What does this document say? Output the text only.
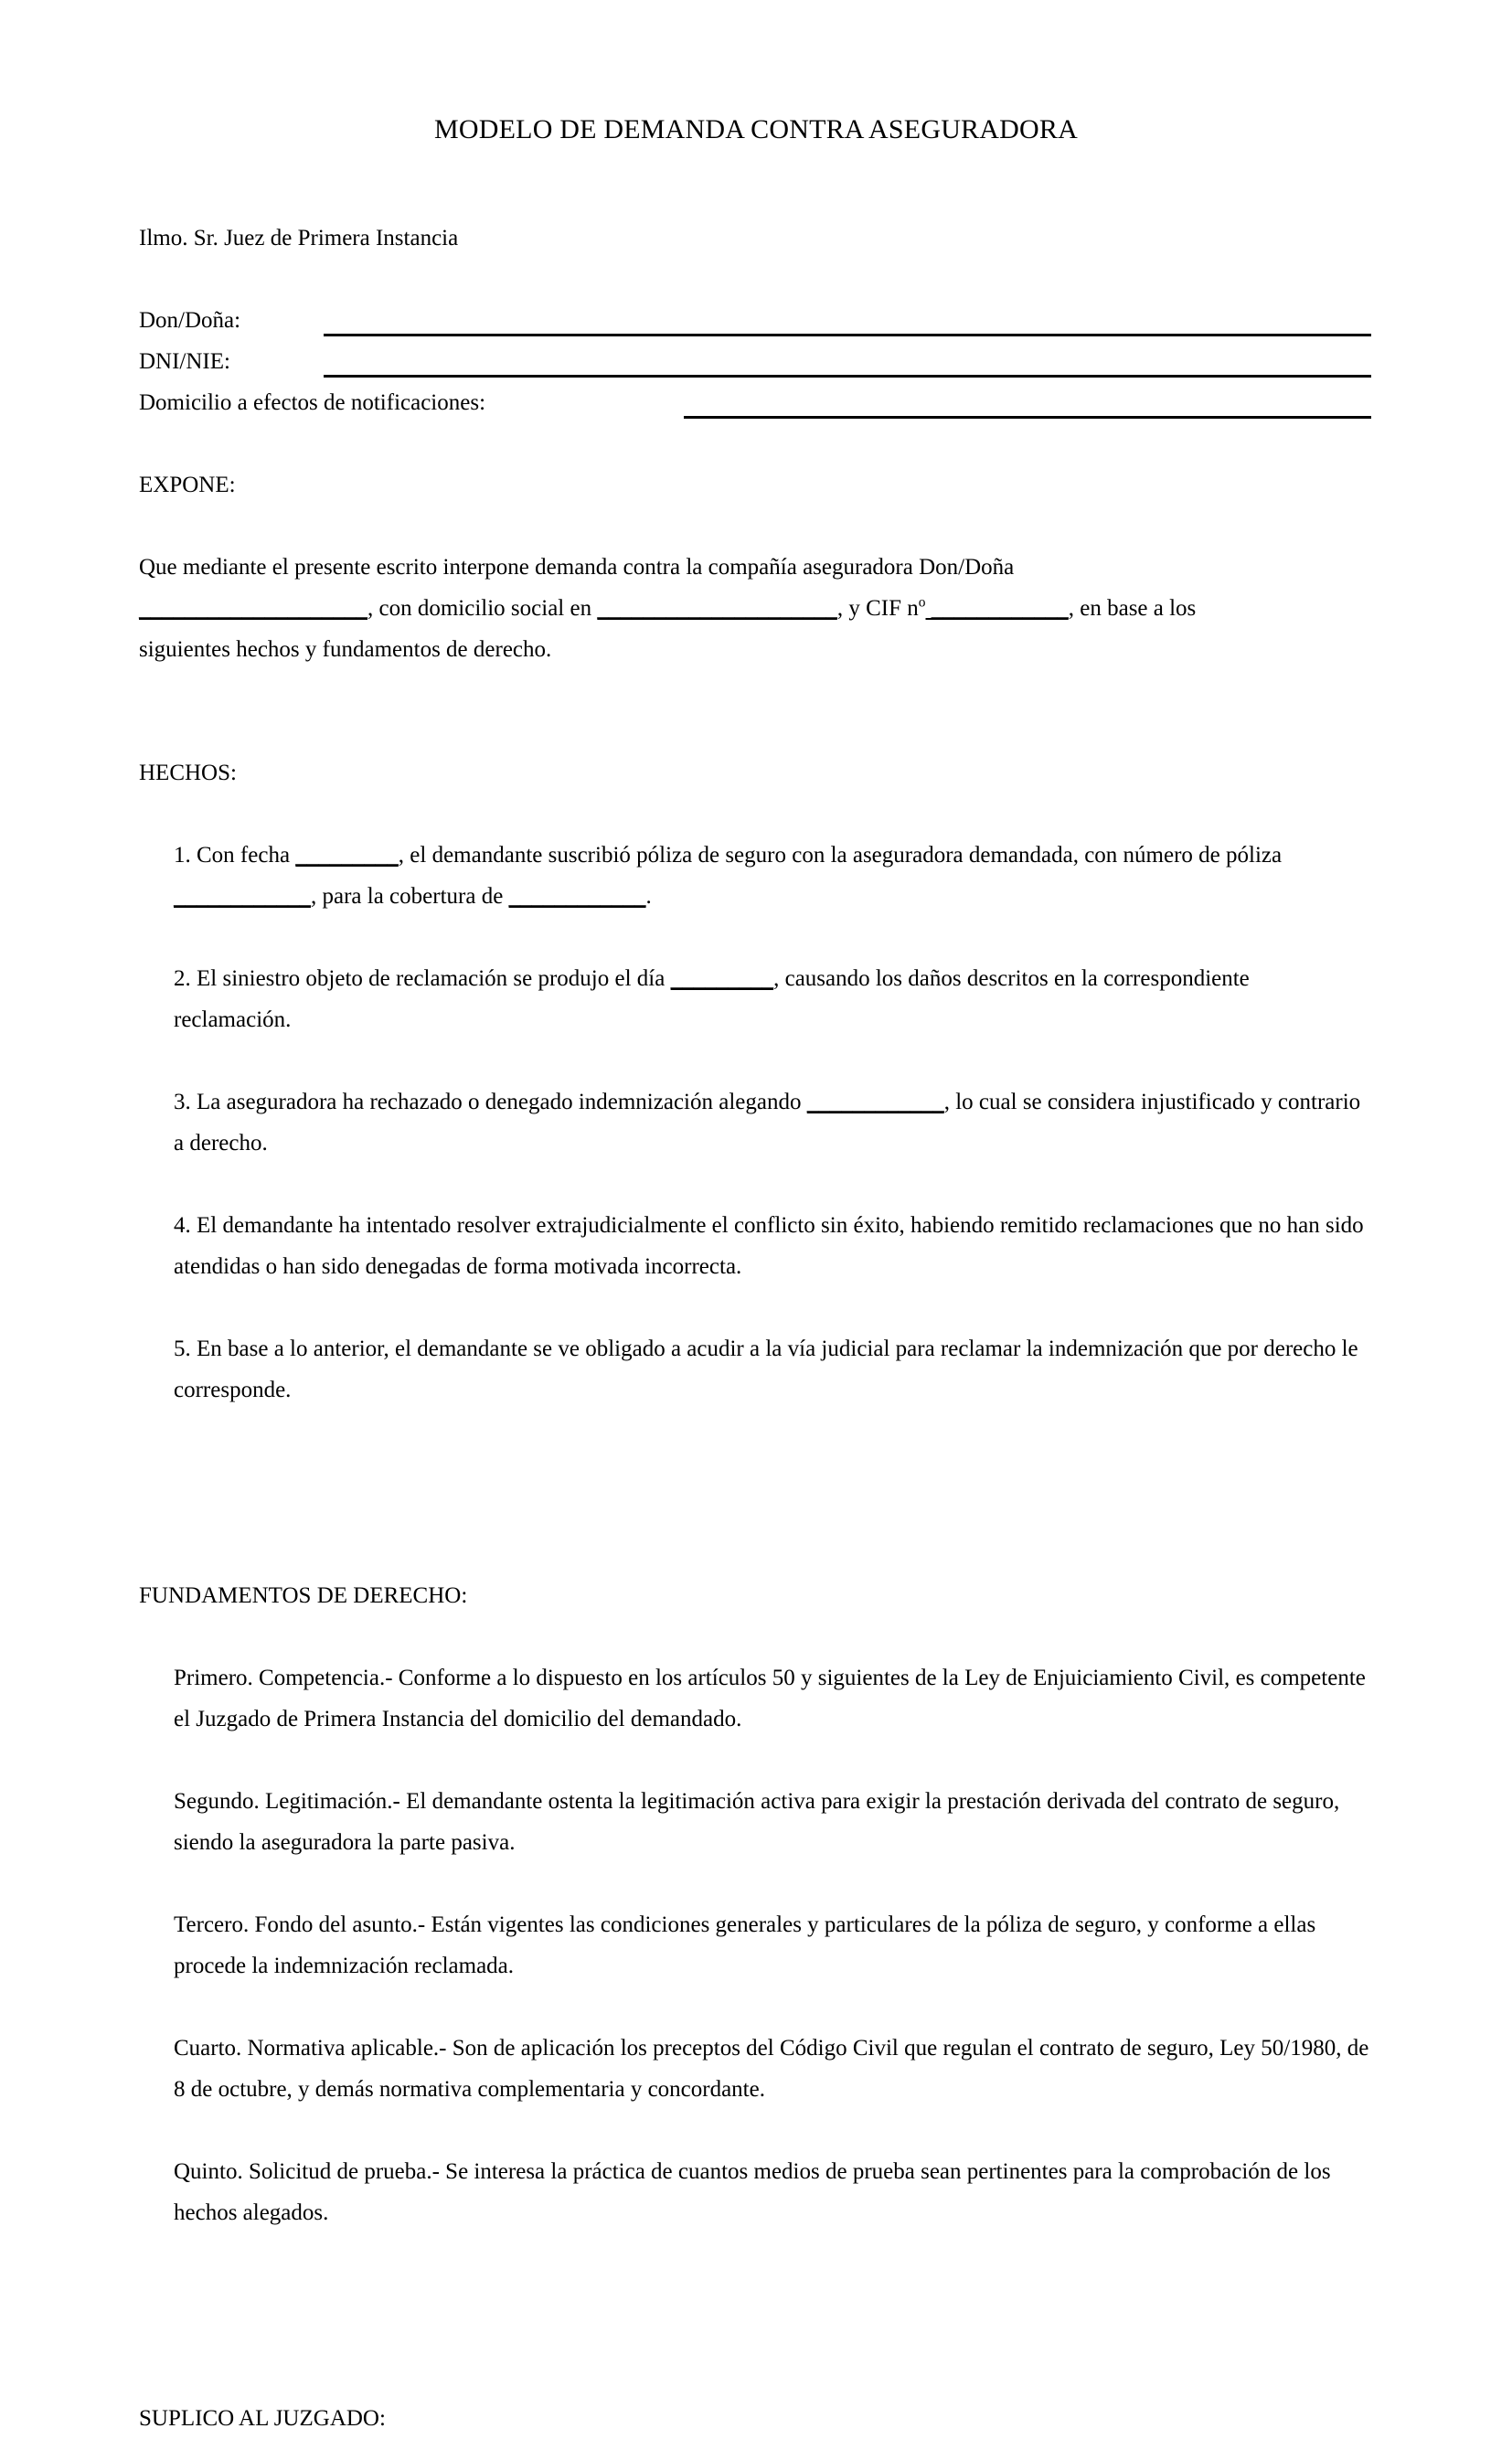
MODELO DE DEMANDA CONTRA ASEGURADORA

Ilmo. Sr. Juez de Primera Instancia

Don/Doña:
DNI/NIE:
Domicilio a efectos de notificaciones:

EXPONE:

Que mediante el presente escrito interpone demanda contra la compañía aseguradora Don/Doña
____________________, con domicilio social en _____________________, y CIF $n^o$ ____________, en base a los
siguientes hechos y fundamentos de derecho.

HECHOS:

1. Con fecha _________, el demandante suscribió póliza de seguro con la aseguradora demandada, con número de póliza ____________, para la cobertura de ____________.

2. El siniestro objeto de reclamación se produjo el día _________, causando los daños descritos en la correspondiente reclamación.

3. La aseguradora ha rechazado o denegado indemnización alegando ____________, lo cual se considera injustificado y contrario a derecho.

4. El demandante ha intentado resolver extrajudicialmente el conflicto sin éxito, habiendo remitido reclamaciones que no han sido atendidas o han sido denegadas de forma motivada incorrecta.

5. En base a lo anterior, el demandante se ve obligado a acudir a la vía judicial para reclamar la indemnización que por derecho le corresponde.

FUNDAMENTOS DE DERECHO:

Primero. Competencia.- Conforme a lo dispuesto en los artículos 50 y siguientes de la Ley de Enjuiciamiento Civil, es competente el Juzgado de Primera Instancia del domicilio del demandado.

Segundo. Legitimación.- El demandante ostenta la legitimación activa para exigir la prestación derivada del contrato de seguro, siendo la aseguradora la parte pasiva.

Tercero. Fondo del asunto.- Están vigentes las condiciones generales y particulares de la póliza de seguro, y conforme a ellas procede la indemnización reclamada.

Cuarto. Normativa aplicable.- Son de aplicación los preceptos del Código Civil que regulan el contrato de seguro, Ley 50/1980, de 8 de octubre, y demás normativa complementaria y concordante.

Quinto. Solicitud de prueba.- Se interesa la práctica de cuantos medios de prueba sean pertinentes para la comprobación de los hechos alegados.

SUPLICO AL JUZGADO:
